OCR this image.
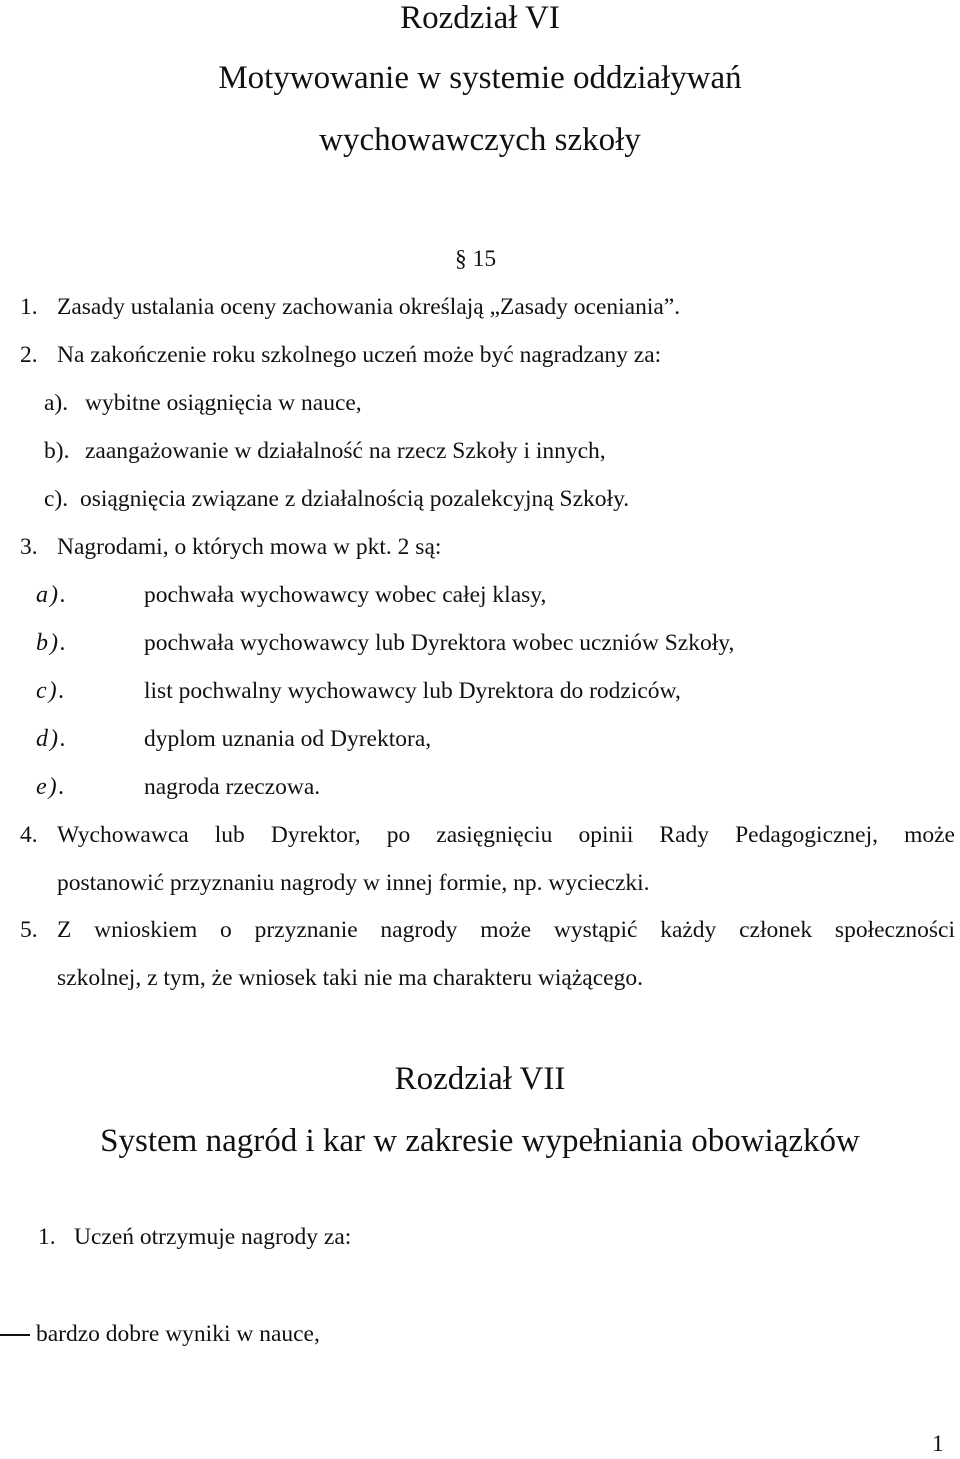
Rozdział VI
Motywowanie w systemie oddziaływań
wychowawczych szkoły
§ 15
1. Zasady ustalania oceny zachowania określają „Zasady oceniania”.
2. Na zakończenie roku szkolnego uczeń może być nagradzany za:
a). wybitne osiągnięcia w nauce,
b). zaangażowanie w działalność na rzecz Szkoły i innych,
c). osiągnięcia związane z działalnością pozalekcyjną Szkoły.
3. Nagrodami, o których mowa w pkt. 2 są:
a).	pochwała wychowawcy wobec całej klasy,
b).	pochwała wychowawcy lub Dyrektora wobec uczniów Szkoły,
c).	list pochwalny wychowawcy lub Dyrektora do rodziców,
d).	dyplom uznania od Dyrektora,
e).	nagroda rzeczowa.
4. Wychowawca lub Dyrektor, po zasięgnięciu opinii Rady Pedagogicznej, może
postanowić przyznaniu nagrody w innej formie, np. wycieczki.
5. Z wnioskiem o przyznanie nagrody może wystąpić każdy członek społeczności
szkolnej, z tym, że wniosek taki nie ma charakteru wiążącego.
Rozdział VII
System nagród i kar w zakresie wypełniania obowiązków
1. Uczeń otrzymuje nagrody za:
bardzo dobre wyniki w nauce,
1
